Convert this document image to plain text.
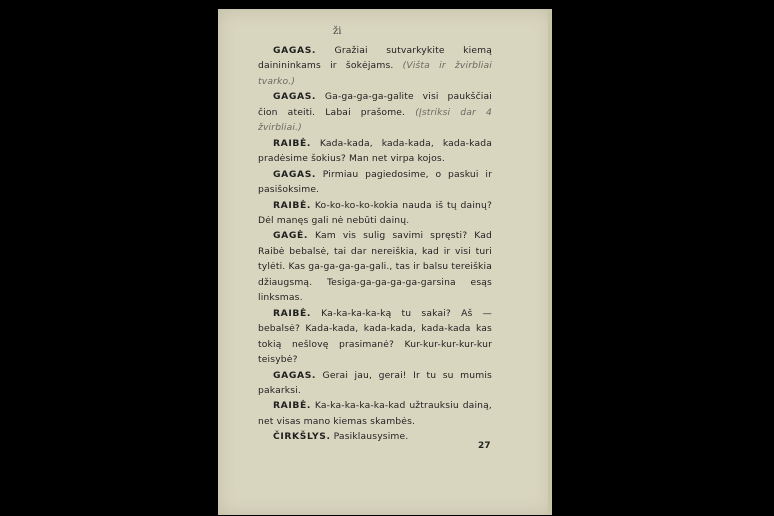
ži

GAGAS. Gražiai sutvarkykite kiemą dainininkams ir šokėjams. (Višta ir žvirbliai tvarko.)

GAGAS. Ga-ga-ga-ga-galite visi paukščiai čion ateiti. Labai prašome. (Įstriksi dar 4 žvirbliai.)

RAIBĖ. Kada-kada, kada-kada, kada-kada pradėsime šokius? Man net virpa kojos.

GAGAS. Pirmiau pagiedosime, o paskui ir pasišoksime.

RAIBĖ. Ko-ko-ko-ko-kokia nauda iš tų dainų? Dėl manęs gali nė nebūti dainų.

GAGĖ. Kam vis sulig savimi spręsti? Kad Raibė bebalsė, tai dar nereiškia, kad ir visi turi tylėti. Kas ga-ga-ga-ga-gali., tas ir balsu tereiškia džiaugsmą. Tesiga-ga-ga-ga-ga-garsina esąs linksmas.

RAIBĖ. Ka-ka-ka-ka-ką tu sakai? Aš — bebalsė? Kada-kada, kada-kada, kada-kada kas tokią nešlovę prasimanė? Kur-kur-kur-kur-kur teisybė?

GAGAS. Gerai jau, gerai! Ir tu su mumis pakarksi.

RAIBĖ. Ka-ka-ka-ka-ka-kad užtrauksiu dainą, net visas mano kiemas skambės.

ČIRKŠLYS. Pasiklausysime.

27
